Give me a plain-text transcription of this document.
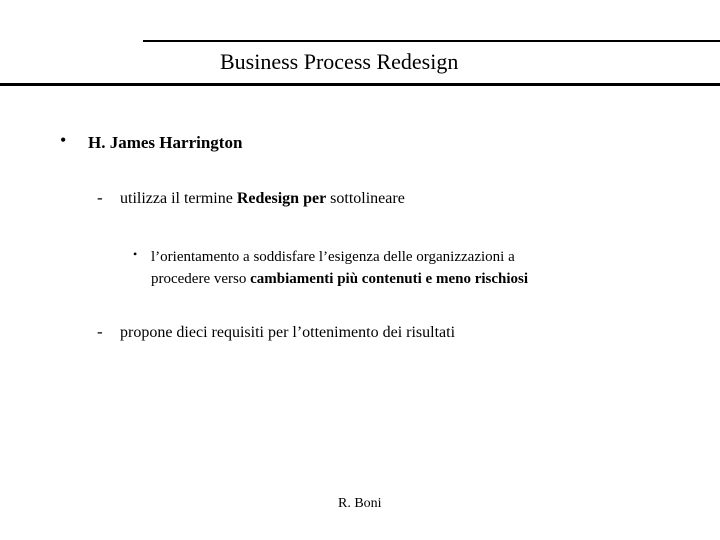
Business Process Redesign
• H. James Harrington
- utilizza il termine Redesign per sottolineare
• l’orientamento a soddisfare l’esigenza delle organizzazioni a
procedere verso cambiamenti più contenuti e meno rischiosi
- propone dieci requisiti per l’ottenimento dei risultati
R. Boni
